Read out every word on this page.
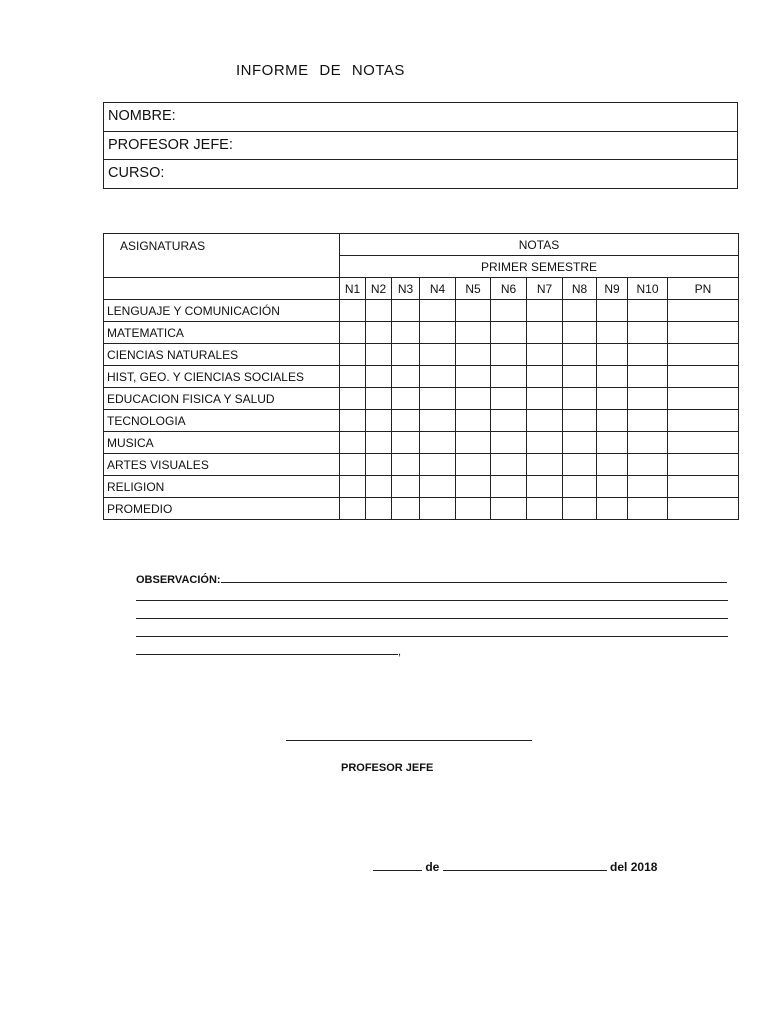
INFORME DE NOTAS
NOMBRE:
PROFESOR JEFE:
CURSO:
ASIGNATURAS	NOTAS										
	PRIMER SEMESTRE										
	N1	N2	N3	N4	N5	N6	N7	N8	N9	N10	PN
LENGUAJE Y COMUNICACIÓN											
MATEMATICA											
CIENCIAS NATURALES											
HIST, GEO. Y CIENCIAS SOCIALES											
EDUCACION FISICA Y SALUD											
TECNOLOGIA											
MUSICA											
ARTES VISUALES											
RELIGION											
PROMEDIO											
OBSERVACIÓN:
,
PROFESOR JEFE
de	del 2018
